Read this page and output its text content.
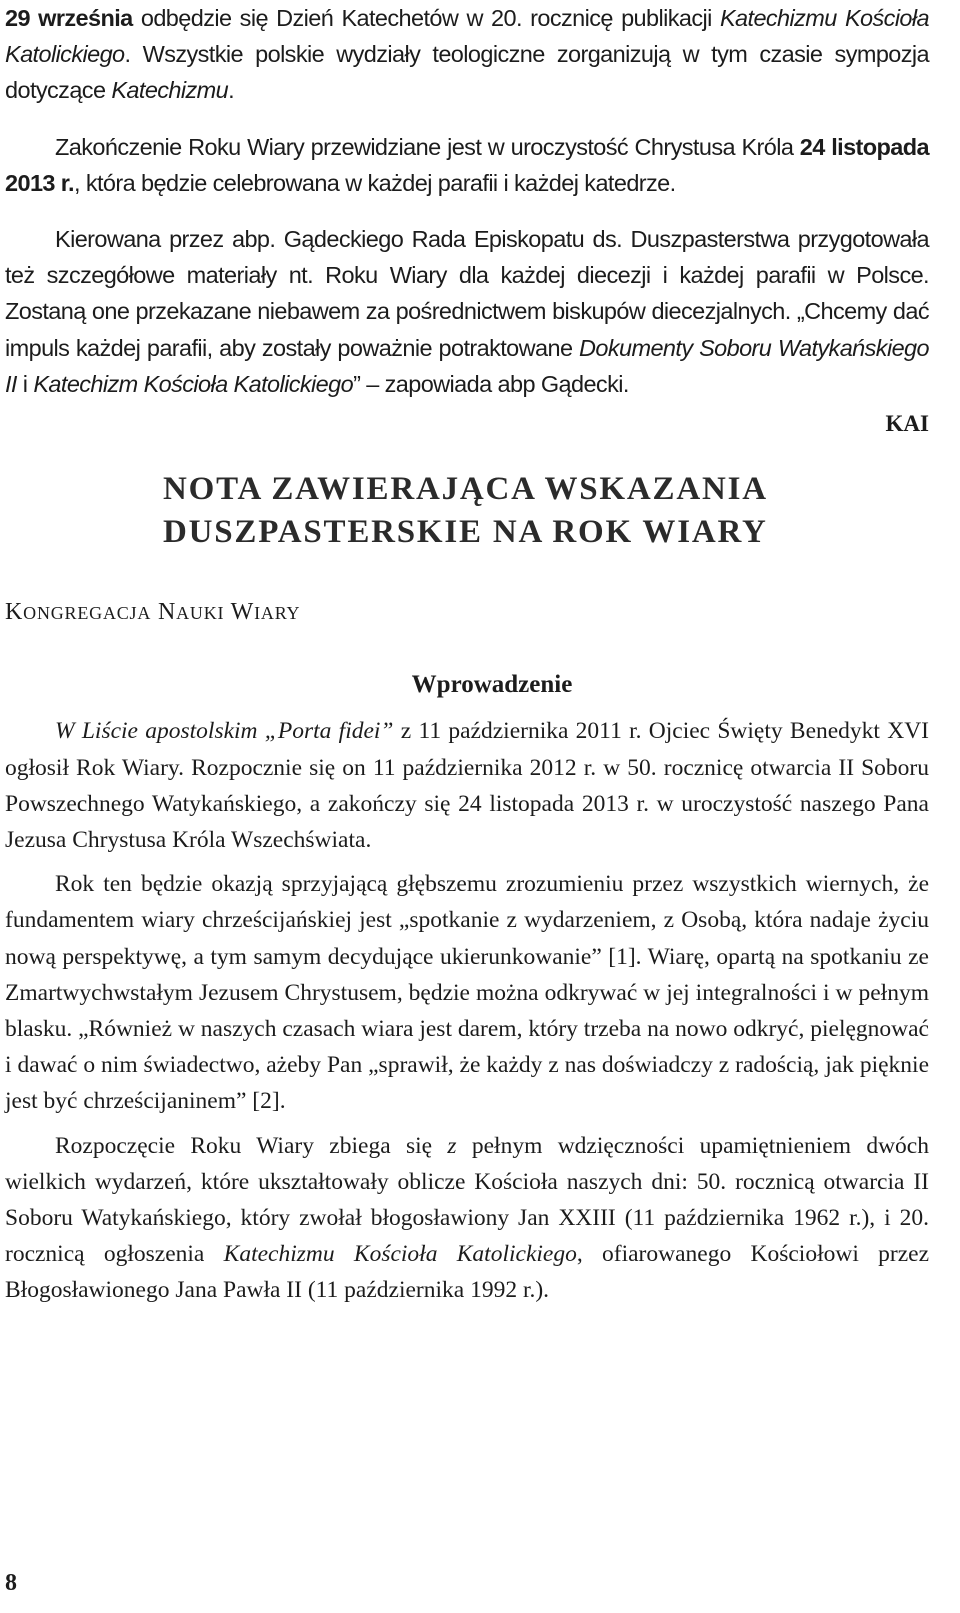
29 września odbędzie się Dzień Katechetów w 20. rocznicę publikacji Katechizmu Kościoła Katolickiego. Wszystkie polskie wydziały teologiczne zorganizują w tym czasie sympozja dotyczące Katechizmu.

Zakończenie Roku Wiary przewidziane jest w uroczystość Chrystusa Króla 24 listopada 2013 r., która będzie celebrowana w każdej parafii i każdej katedrze.

Kierowana przez abp. Gądeckiego Rada Episkopatu ds. Duszpasterstwa przygotowała też szczegółowe materiały nt. Roku Wiary dla każdej diecezji i każdej parafii w Polsce. Zostaną one przekazane niebawem za pośrednictwem biskupów diecezjalnych. „Chcemy dać impuls każdej parafii, aby zostały poważnie potraktowane Dokumenty Soboru Watykańskiego II i Katechizm Kościoła Katolickiego” – zapowiada abp Gądecki.

KAI
NOTA ZAWIERAJĄCA WSKAZANIA
DUSZPASTERSKIE NA ROK WIARY
KONGREGACJA NAUKI WIARY
Wprowadzenie

W Liście apostolskim „Porta fidei” z 11 października 2011 r. Ojciec Święty Benedykt XVI ogłosił Rok Wiary. Rozpocznie się on 11 października 2012 r. w 50. rocznicę otwarcia II Soboru Powszechnego Watykańskiego, a zakończy się 24 listopada 2013 r. w uroczystość naszego Pana Jezusa Chrystusa Króla Wszechświata.

Rok ten będzie okazją sprzyjającą głębszemu zrozumieniu przez wszystkich wiernych, że fundamentem wiary chrześcijańskiej jest „spotkanie z wydarzeniem, z Osobą, która nadaje życiu nową perspektywę, a tym samym decydujące ukierunkowanie” [1]. Wiarę, opartą na spotkaniu ze Zmartwychwstałym Jezusem Chrystusem, będzie można odkrywać w jej integralności i w pełnym blasku. „Również w naszych czasach wiara jest darem, który trzeba na nowo odkryć, pielęgnować i dawać o nim świadectwo, ażeby Pan „sprawił, że każdy z nas doświadczy z radością, jak pięknie jest być chrześcijaninem” [2].

Rozpoczęcie Roku Wiary zbiega się z pełnym wdzięczności upamiętnieniem dwóch wielkich wydarzeń, które ukształtowały oblicze Kościoła naszych dni: 50. rocznicą otwarcia II Soboru Watykańskiego, który zwołał błogosławiony Jan XXIII (11 października 1962 r.), i 20. rocznicą ogłoszenia Katechizmu Kościoła Katolickiego, ofiarowanego Kościołowi przez Błogosławionego Jana Pawła II (11 października 1992 r.).

8
